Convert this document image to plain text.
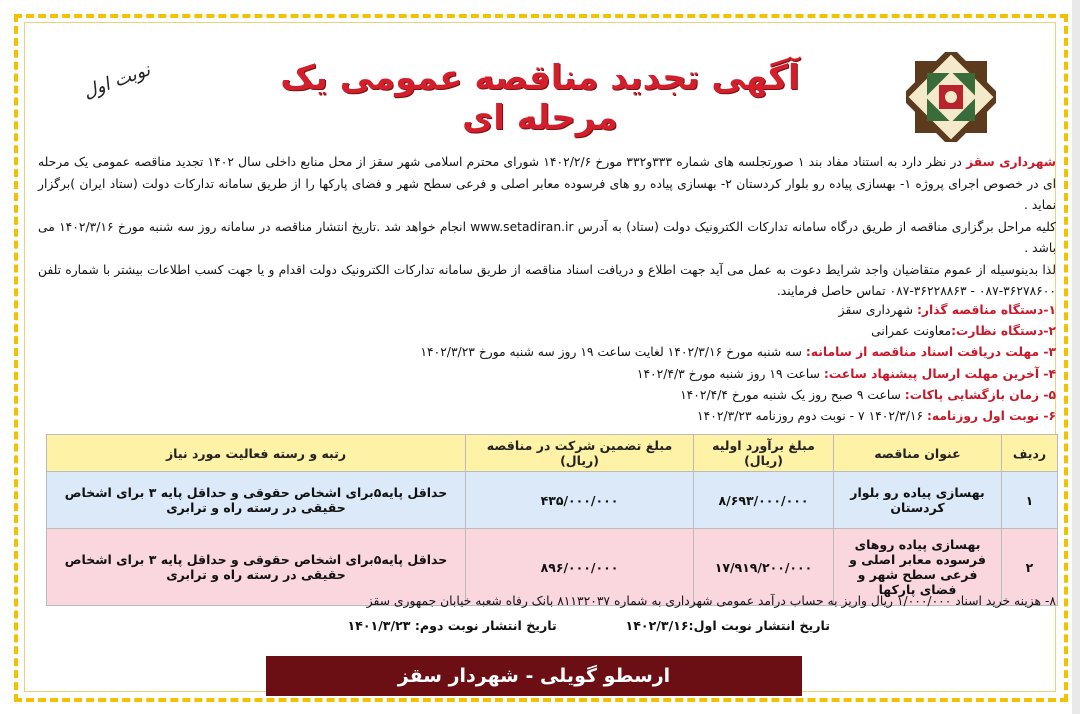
آگهی تجدید مناقصه عمومی یک مرحله ای
نوبت اول

شهرداری سقز در نظر دارد به استناد مفاد بند ۱ صورتجلسه های شماره ۳۳۳و۳۳۲ مورخ ۱۴۰۲/۲/۶ شورای محترم اسلامی شهر سقز از محل منابع داخلی سال ۱۴۰۲ تجدید مناقصه عمومی یک مرحله ای در خصوص اجرای پروژه ۱- بهسازی پیاده رو بلوار کردستان ۲- بهسازی پیاده رو های فرسوده معابر اصلی و فرعی سطح شهر و فضای پارکها را از طریق سامانه تدارکات دولت (ستاد ایران )برگزار نماید .

کلیه مراحل برگزاری مناقصه از طریق درگاه سامانه تدارکات الکترونیک دولت (ستاد) به آدرس www.setadiran.ir انجام خواهد شد .تاریخ انتشار مناقصه در سامانه روز سه شنبه مورخ ۱۴۰۲/۳/۱۶ می باشد .

لذا بدینوسیله از عموم متقاضیان واجد شرایط دعوت به عمل می آید جهت اطلاع و دریافت اسناد مناقصه از طریق سامانه تدارکات الکترونیک دولت اقدام و یا جهت کسب اطلاعات بیشتر با شماره تلفن ۳۶۲۷۸۶۰۰-۰۸۷ - ۳۶۲۲۸۸۶۳-۰۸۷ تماس حاصل فرمایند.

۱-دستگاه مناقصه گذار: شهرداری سقز
۲-دستگاه نظارت:معاونت عمرانی
۳- مهلت دریافت اسناد مناقصه از سامانه: سه شنبه مورخ ۱۴۰۲/۳/۱۶ لغایت ساعت ۱۹ روز سه شنبه مورخ ۱۴۰۲/۳/۲۳
۴- آخرین مهلت ارسال پیشنهاد ساعت: ساعت ۱۹ روز شنبه مورخ ۱۴۰۲/۴/۳
۵- زمان بازگشایی پاکات: ساعت ۹ صبح روز یک شنبه مورخ ۱۴۰۲/۴/۴
۶- نوبت اول روزنامه: ۱۴۰۲/۳/۱۶ ۷ - نوبت دوم روزنامه ۱۴۰۲/۳/۲۳
ردیف	عنوان مناقصه	مبلغ برآورد اولیه (ریال)	مبلغ تضمین شرکت در مناقصه (ریال)	رتبه و رسته فعالیت مورد نیاز
۱	بهسازی پیاده رو بلوار کردستان	۸/۶۹۳/۰۰۰/۰۰۰	۴۳۵/۰۰۰/۰۰۰	حداقل پایه۵برای اشخاص حقوقی و حداقل پایه ۳ برای اشخاص حقیقی در رسته راه و ترابری
۲	بهسازی پیاده روهای فرسوده معابر اصلی و فرعی سطح شهر و فضای پارکها	۱۷/۹۱۹/۲۰۰/۰۰۰	۸۹۶/۰۰۰/۰۰۰	حداقل پایه۵برای اشخاص حقوقی و حداقل پایه ۳ برای اشخاص حقیقی در رسته راه و ترابری
۸- هزینه خرید اسناد ۱/۰۰۰/۰۰۰ ریال واریز به حساب درآمد عمومی شهرداری به شماره ۸۱۱۳۲۰۳۷ بانک رفاه شعبه خیابان جمهوری سقز
تاریخ انتشار نوبت اول:۱۴۰۲/۳/۱۶  تاریخ انتشار نوبت دوم: ۱۴۰۱/۳/۲۳
ارسطو گویلی - شهردار سقز
